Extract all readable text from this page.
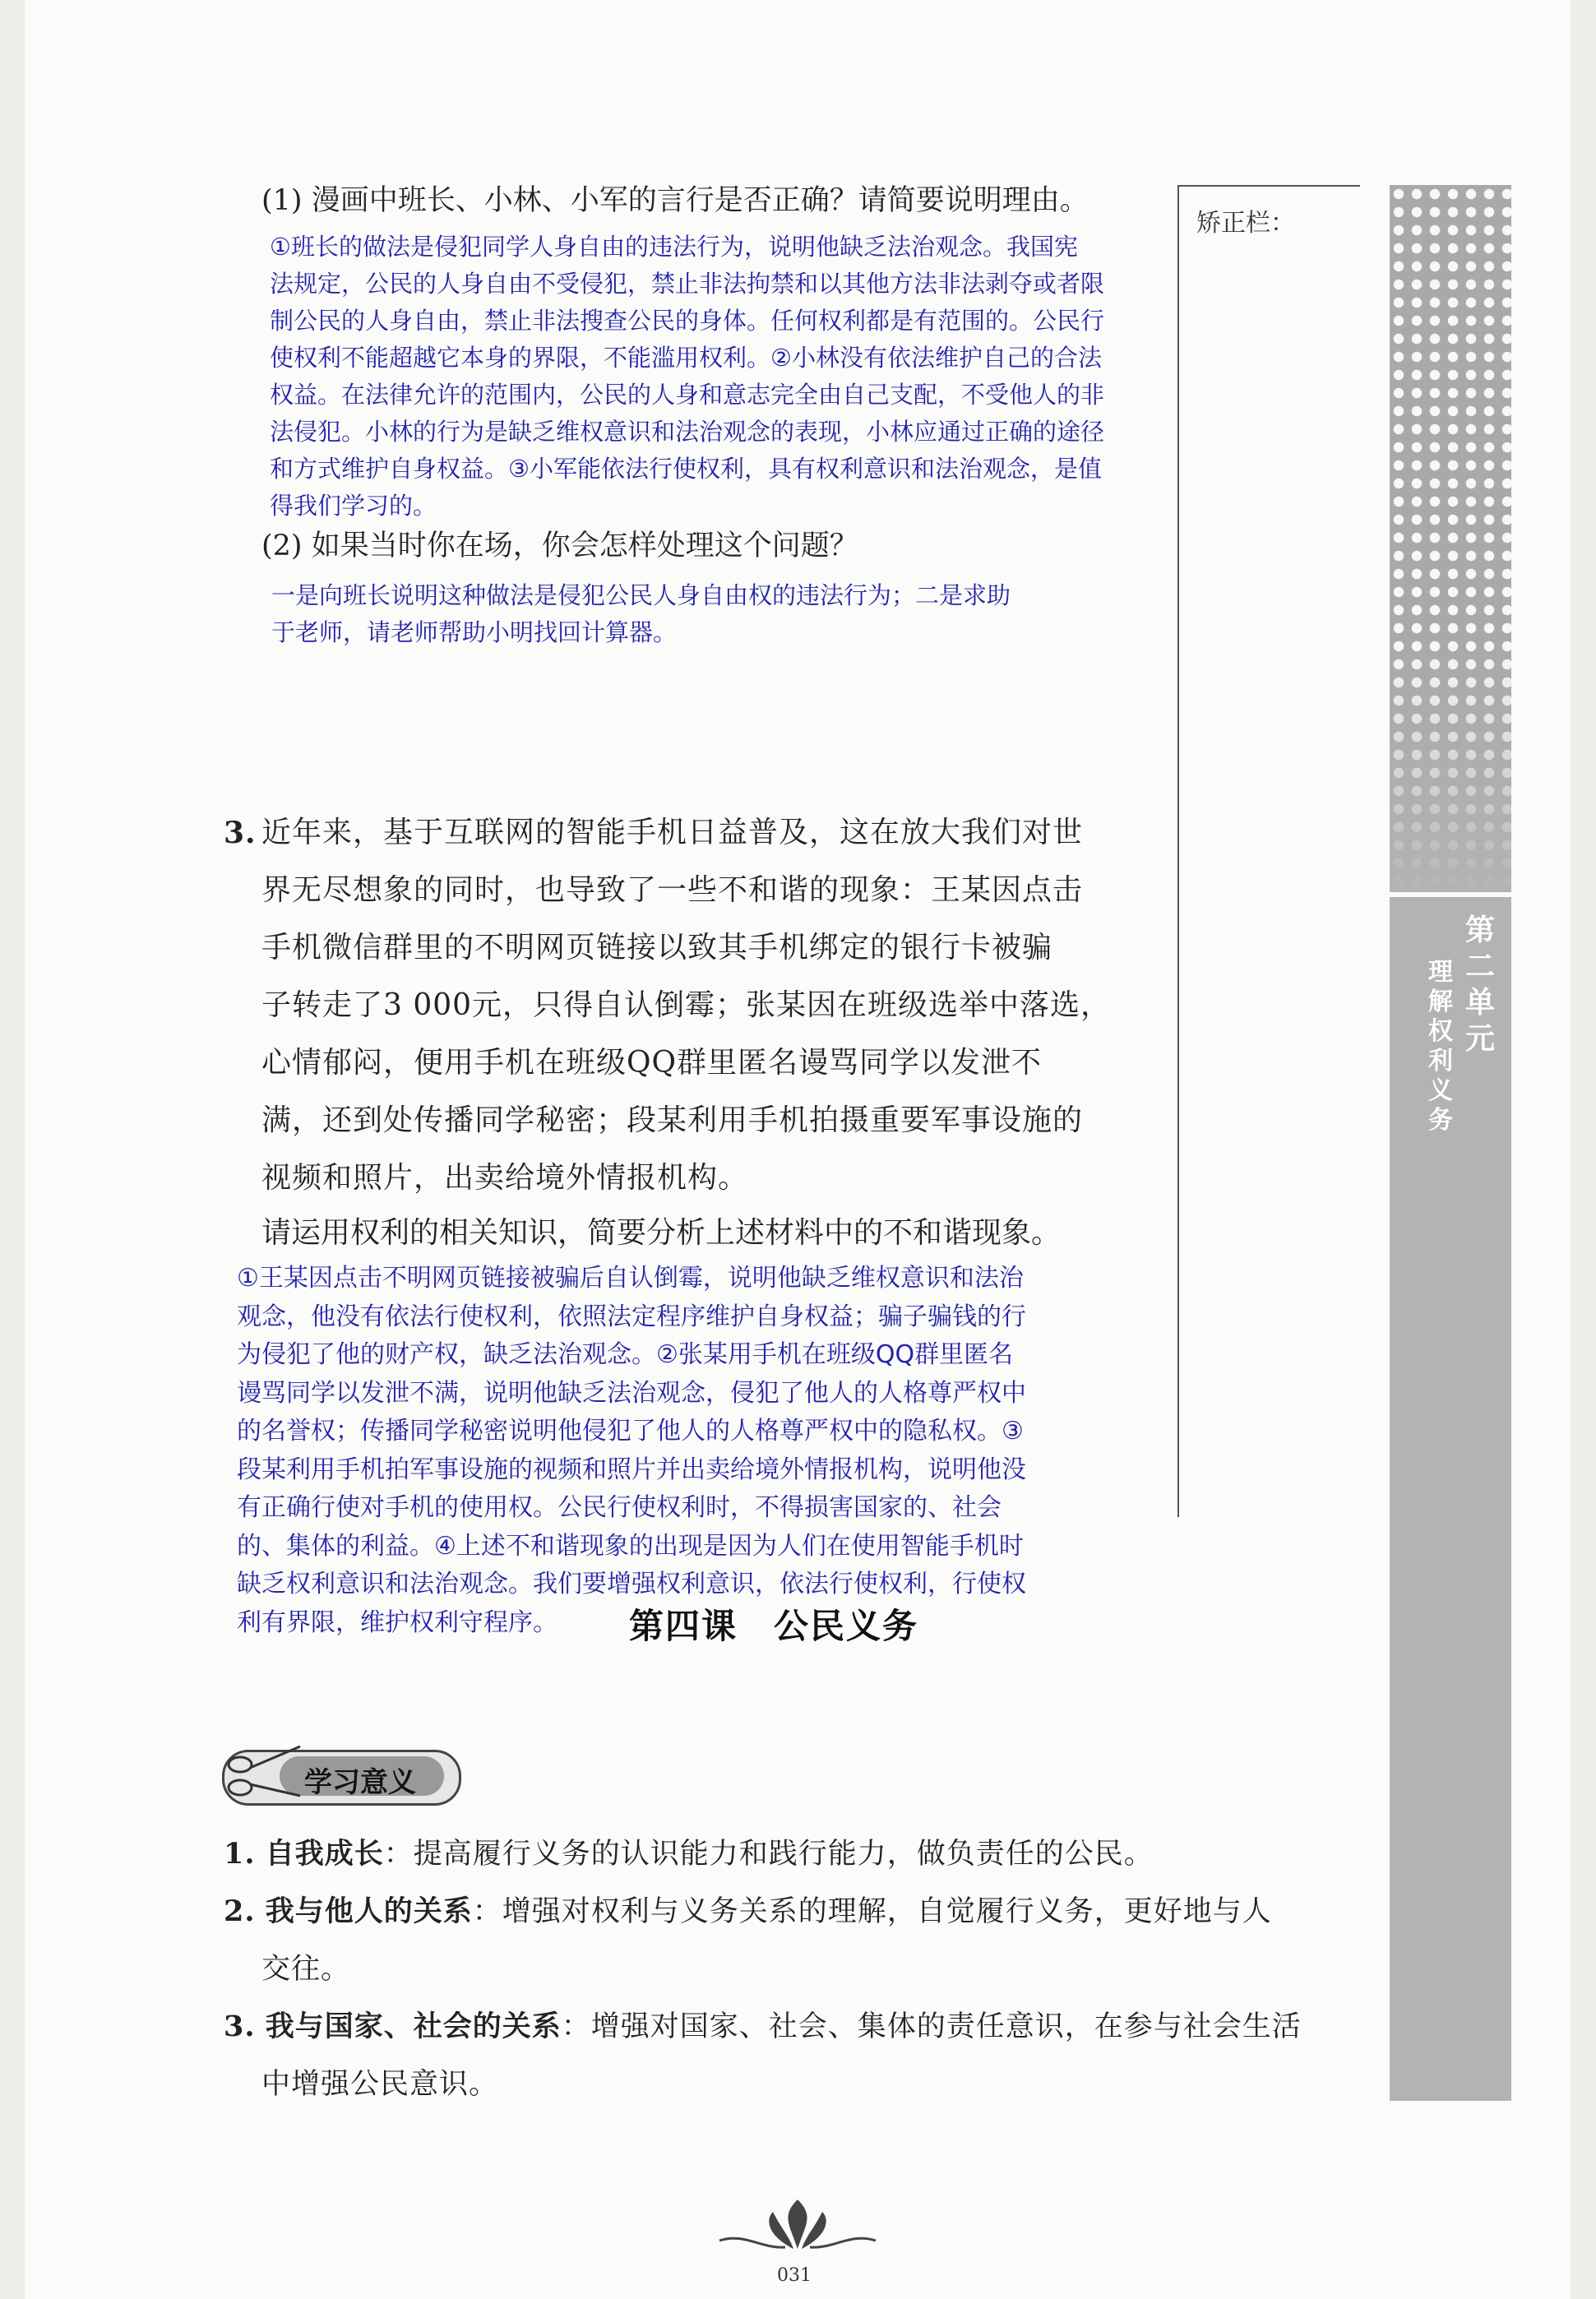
矫正栏：
第二单元
理解权利义务
(1) 漫画中班长、小林、小军的言行是否正确？请简要说明理由。
①班长的做法是侵犯同学人身自由的违法行为，说明他缺乏法治观念。我国宪
法规定，公民的人身自由不受侵犯，禁止非法拘禁和以其他方法非法剥夺或者限
制公民的人身自由，禁止非法搜查公民的身体。任何权利都是有范围的。公民行
使权利不能超越它本身的界限，不能滥用权利。②小林没有依法维护自己的合法
权益。在法律允许的范围内，公民的人身和意志完全由自己支配，不受他人的非
法侵犯。小林的行为是缺乏维权意识和法治观念的表现，小林应通过正确的途径
和方式维护自身权益。③小军能依法行使权利，具有权利意识和法治观念，是值
得我们学习的。
(2) 如果当时你在场，你会怎样处理这个问题？
一是向班长说明这种做法是侵犯公民人身自由权的违法行为；二是求助
于老师，请老师帮助小明找回计算器。
3. 近年来，基于互联网的智能手机日益普及，这在放大我们对世
界无尽想象的同时，也导致了一些不和谐的现象：王某因点击
手机微信群里的不明网页链接以致其手机绑定的银行卡被骗
子转走了3 000元，只得自认倒霉；张某因在班级选举中落选，
心情郁闷，便用手机在班级QQ群里匿名谩骂同学以发泄不
满，还到处传播同学秘密；段某利用手机拍摄重要军事设施的
视频和照片，出卖给境外情报机构。
请运用权利的相关知识，简要分析上述材料中的不和谐现象。
①王某因点击不明网页链接被骗后自认倒霉，说明他缺乏维权意识和法治
观念，他没有依法行使权利，依照法定程序维护自身权益；骗子骗钱的行
为侵犯了他的财产权，缺乏法治观念。②张某用手机在班级QQ群里匿名
谩骂同学以发泄不满，说明他缺乏法治观念，侵犯了他人的人格尊严权中
的名誉权；传播同学秘密说明他侵犯了他人的人格尊严权中的隐私权。③
段某利用手机拍军事设施的视频和照片并出卖给境外情报机构，说明他没
有正确行使对手机的使用权。公民行使权利时，不得损害国家的、社会
的、集体的利益。④上述不和谐现象的出现是因为人们在使用智能手机时
缺乏权利意识和法治观念。我们要增强权利意识，依法行使权利，行使权
利有界限，维护权利守程序。	第四课　公民义务
学习意义
1. 自我成长：提高履行义务的认识能力和践行能力，做负责任的公民。
2. 我与他人的关系：增强对权利与义务关系的理解，自觉履行义务，更好地与人
交往。
3. 我与国家、社会的关系：增强对国家、社会、集体的责任意识，在参与社会生活
中增强公民意识。
031
